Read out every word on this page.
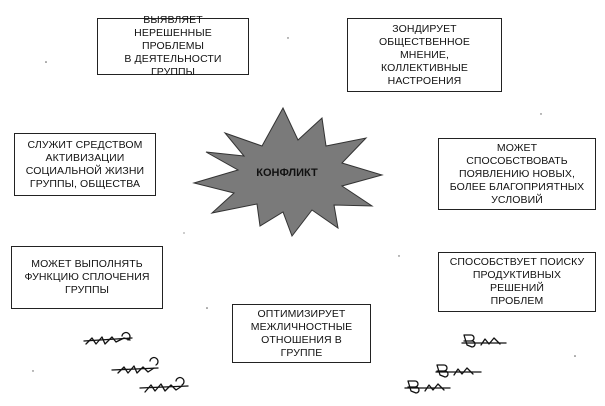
КОНФЛИКТ
ВЫЯВЛЯЕТ
НЕРЕШЕННЫЕ ПРОБЛЕМЫ
В ДЕЯТЕЛЬНОСТИ ГРУППЫ
ЗОНДИРУЕТ
ОБЩЕСТВЕННОЕ МНЕНИЕ,
КОЛЛЕКТИВНЫЕ
НАСТРОЕНИЯ
СЛУЖИТ СРЕДСТВОМ
АКТИВИЗАЦИИ
СОЦИАЛЬНОЙ ЖИЗНИ
ГРУППЫ, ОБЩЕСТВА
МОЖЕТ СПОСОБСТВОВАТЬ
ПОЯВЛЕНИЮ НОВЫХ,
БОЛЕЕ БЛАГОПРИЯТНЫХ
УСЛОВИЙ
МОЖЕТ ВЫПОЛНЯТЬ
ФУНКЦИЮ СПЛОЧЕНИЯ
ГРУППЫ
СПОСОБСТВУЕТ ПОИСКУ
ПРОДУКТИВНЫХ РЕШЕНИЙ
ПРОБЛЕМ
ОПТИМИЗИРУЕТ
МЕЖЛИЧНОСТНЫЕ
ОТНОШЕНИЯ В ГРУППЕ
